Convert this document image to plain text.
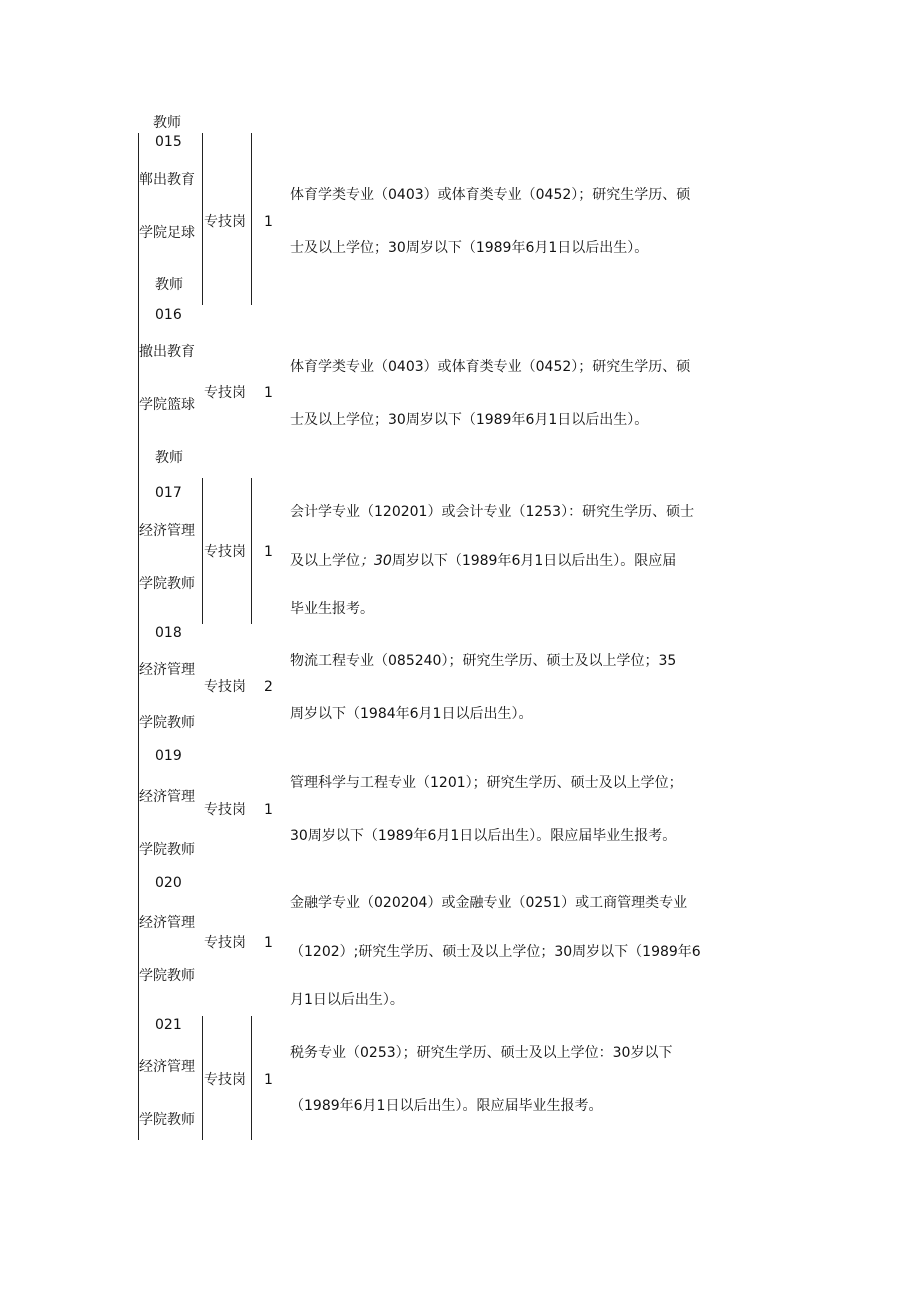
教师
015
郸出教育
学院足球
教师
专技岗 1
体育学类专业（0403）或体育类专业（0452）；研究生学历、硕
士及以上学位；30周岁以下（1989年6月1日以后出生）。
016
撤出教育
学院篮球
教师
专技岗 1
体育学类专业（0403）或体育类专业（0452）；研究生学历、硕
士及以上学位；30周岁以下（1989年6月1日以后出生）。
017
经济管理
学院教师
专技岗 1
会计学专业（120201）或会计专业（1253）：研究生学历、硕士
及以上学位；30周岁以下（1989年6月1日以后出生）。限应届
毕业生报考。
018
经济管理
学院教师
专技岗 2
物流工程专业（085240）；研究生学历、硕士及以上学位；35
周岁以下（1984年6月1日以后出生）。
019
经济管理
学院教师
专技岗 1
管理科学与工程专业（1201）；研究生学历、硕士及以上学位；
30周岁以下（1989年6月1日以后出生）。限应届毕业生报考。
020
经济管理
学院教师
专技岗 1
金融学专业（020204）或金融专业（0251）或工商管理类专业
（1202）;研究生学历、硕士及以上学位；30周岁以下（1989年6
月1日以后出生）。
021
经济管理
学院教师
专技岗 1
税务专业（0253）；研究生学历、硕士及以上学位：30岁以下
（1989年6月1日以后出生）。限应届毕业生报考。
